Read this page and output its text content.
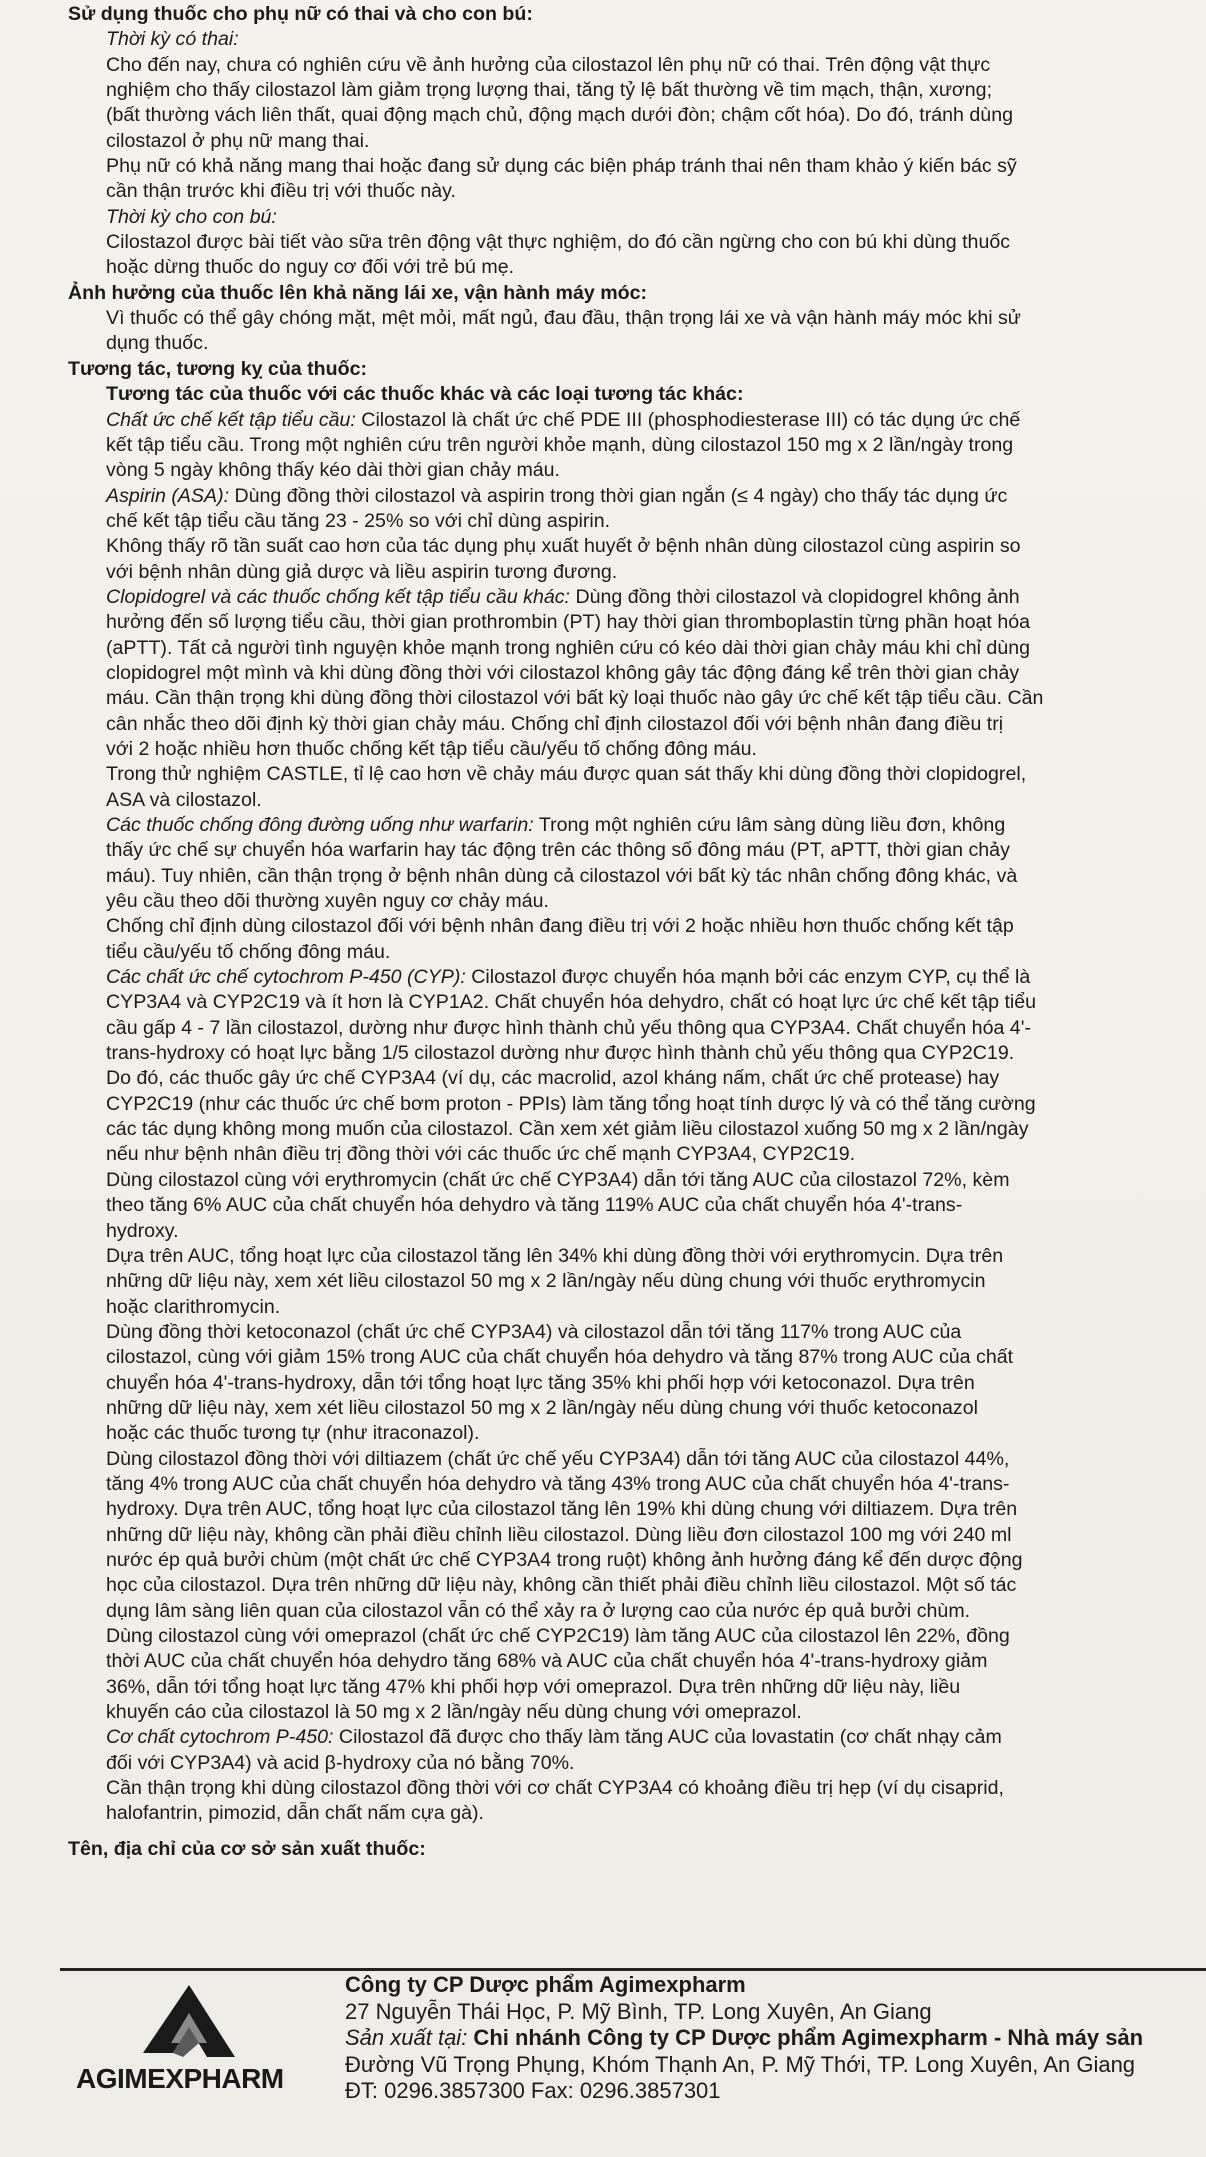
Sử dụng thuốc cho phụ nữ có thai và cho con bú:
Thời kỳ có thai:
Cho đến nay, chưa có nghiên cứu về ảnh hưởng của cilostazol lên phụ nữ có thai. Trên động vật thực
nghiệm cho thấy cilostazol làm giảm trọng lượng thai, tăng tỷ lệ bất thường về tim mạch, thận, xương;
(bất thường vách liên thất, quai động mạch chủ, động mạch dưới đòn; chậm cốt hóa). Do đó, tránh dùng
cilostazol ở phụ nữ mang thai.
Phụ nữ có khả năng mang thai hoặc đang sử dụng các biện pháp tránh thai nên tham khảo ý kiến bác sỹ
cần thận trước khi điều trị với thuốc này.
Thời kỳ cho con bú:
Cilostazol được bài tiết vào sữa trên động vật thực nghiệm, do đó cần ngừng cho con bú khi dùng thuốc
hoặc dừng thuốc do nguy cơ đối với trẻ bú mẹ.
Ảnh hưởng của thuốc lên khả năng lái xe, vận hành máy móc:
Vì thuốc có thể gây chóng mặt, mệt mỏi, mất ngủ, đau đầu, thận trọng lái xe và vận hành máy móc khi sử
dụng thuốc.
Tương tác, tương kỵ của thuốc:
Tương tác của thuốc với các thuốc khác và các loại tương tác khác:
Chất ức chế kết tập tiểu cầu: Cilostazol là chất ức chế PDE III (phosphodiesterase III) có tác dụng ức chế
kết tập tiểu cầu. Trong một nghiên cứu trên người khỏe mạnh, dùng cilostazol 150 mg x 2 lần/ngày trong
vòng 5 ngày không thấy kéo dài thời gian chảy máu.
Aspirin (ASA): Dùng đồng thời cilostazol và aspirin trong thời gian ngắn (≤ 4 ngày) cho thấy tác dụng ức
chế kết tập tiểu cầu tăng 23 - 25% so với chỉ dùng aspirin.
Không thấy rõ tần suất cao hơn của tác dụng phụ xuất huyết ở bệnh nhân dùng cilostazol cùng aspirin so
với bệnh nhân dùng giả dược và liều aspirin tương đương.
Clopidogrel và các thuốc chống kết tập tiểu cầu khác: Dùng đồng thời cilostazol và clopidogrel không ảnh
hưởng đến số lượng tiểu cầu, thời gian prothrombin (PT) hay thời gian thromboplastin từng phần hoạt hóa
(aPTT). Tất cả người tình nguyện khỏe mạnh trong nghiên cứu có kéo dài thời gian chảy máu khi chỉ dùng
clopidogrel một mình và khi dùng đồng thời với cilostazol không gây tác động đáng kể trên thời gian chảy
máu. Cần thận trọng khi dùng đồng thời cilostazol với bất kỳ loại thuốc nào gây ức chế kết tập tiểu cầu. Cần
cân nhắc theo dõi định kỳ thời gian chảy máu. Chống chỉ định cilostazol đối với bệnh nhân đang điều trị
với 2 hoặc nhiều hơn thuốc chống kết tập tiểu cầu/yếu tố chống đông máu.
Trong thử nghiệm CASTLE, tỉ lệ cao hơn về chảy máu được quan sát thấy khi dùng đồng thời clopidogrel,
ASA và cilostazol.
Các thuốc chống đông đường uống như warfarin: Trong một nghiên cứu lâm sàng dùng liều đơn, không
thấy ức chế sự chuyển hóa warfarin hay tác động trên các thông số đông máu (PT, aPTT, thời gian chảy
máu). Tuy nhiên, cần thận trọng ở bệnh nhân dùng cả cilostazol với bất kỳ tác nhân chống đông khác, và
yêu cầu theo dõi thường xuyên nguy cơ chảy máu.
Chống chỉ định dùng cilostazol đối với bệnh nhân đang điều trị với 2 hoặc nhiều hơn thuốc chống kết tập
tiểu cầu/yếu tố chống đông máu.
Các chất ức chế cytochrom P-450 (CYP): Cilostazol được chuyển hóa mạnh bởi các enzym CYP, cụ thể là
CYP3A4 và CYP2C19 và ít hơn là CYP1A2. Chất chuyển hóa dehydro, chất có hoạt lực ức chế kết tập tiểu
cầu gấp 4 - 7 lần cilostazol, dường như được hình thành chủ yếu thông qua CYP3A4. Chất chuyển hóa 4'-
trans-hydroxy có hoạt lực bằng 1/5 cilostazol dường như được hình thành chủ yếu thông qua CYP2C19.
Do đó, các thuốc gây ức chế CYP3A4 (ví dụ, các macrolid, azol kháng nấm, chất ức chế protease) hay
CYP2C19 (như các thuốc ức chế bơm proton - PPIs) làm tăng tổng hoạt tính dược lý và có thể tăng cường
các tác dụng không mong muốn của cilostazol. Cần xem xét giảm liều cilostazol xuống 50 mg x 2 lần/ngày
nếu như bệnh nhân điều trị đồng thời với các thuốc ức chế mạnh CYP3A4, CYP2C19.
Dùng cilostazol cùng với erythromycin (chất ức chế CYP3A4) dẫn tới tăng AUC của cilostazol 72%, kèm
theo tăng 6% AUC của chất chuyển hóa dehydro và tăng 119% AUC của chất chuyển hóa 4'-trans-
hydroxy.
Dựa trên AUC, tổng hoạt lực của cilostazol tăng lên 34% khi dùng đồng thời với erythromycin. Dựa trên
những dữ liệu này, xem xét liều cilostazol 50 mg x 2 lần/ngày nếu dùng chung với thuốc erythromycin
hoặc clarithromycin.
Dùng đồng thời ketoconazol (chất ức chế CYP3A4) và cilostazol dẫn tới tăng 117% trong AUC của
cilostazol, cùng với giảm 15% trong AUC của chất chuyển hóa dehydro và tăng 87% trong AUC của chất
chuyển hóa 4'-trans-hydroxy, dẫn tới tổng hoạt lực tăng 35% khi phối hợp với ketoconazol. Dựa trên
những dữ liệu này, xem xét liều cilostazol 50 mg x 2 lần/ngày nếu dùng chung với thuốc ketoconazol
hoặc các thuốc tương tự (như itraconazol).
Dùng cilostazol đồng thời với diltiazem (chất ức chế yếu CYP3A4) dẫn tới tăng AUC của cilostazol 44%,
tăng 4% trong AUC của chất chuyển hóa dehydro và tăng 43% trong AUC của chất chuyển hóa 4'-trans-
hydroxy. Dựa trên AUC, tổng hoạt lực của cilostazol tăng lên 19% khi dùng chung với diltiazem. Dựa trên
những dữ liệu này, không cần phải điều chỉnh liều cilostazol. Dùng liều đơn cilostazol 100 mg với 240 ml
nước ép quả bưởi chùm (một chất ức chế CYP3A4 trong ruột) không ảnh hưởng đáng kể đến dược động
học của cilostazol. Dựa trên những dữ liệu này, không cần thiết phải điều chỉnh liều cilostazol. Một số tác
dụng lâm sàng liên quan của cilostazol vẫn có thể xảy ra ở lượng cao của nước ép quả bưởi chùm.
Dùng cilostazol cùng với omeprazol (chất ức chế CYP2C19) làm tăng AUC của cilostazol lên 22%, đồng
thời AUC của chất chuyển hóa dehydro tăng 68% và AUC của chất chuyển hóa 4'-trans-hydroxy giảm
36%, dẫn tới tổng hoạt lực tăng 47% khi phối hợp với omeprazol. Dựa trên những dữ liệu này, liều
khuyến cáo của cilostazol là 50 mg x 2 lần/ngày nếu dùng chung với omeprazol.
Cơ chất cytochrom P-450: Cilostazol đã được cho thấy làm tăng AUC của lovastatin (cơ chất nhạy cảm
đối với CYP3A4) và acid β-hydroxy của nó bằng 70%.
Cần thận trọng khi dùng cilostazol đồng thời với cơ chất CYP3A4 có khoảng điều trị hẹp (ví dụ cisaprid,
halofantrin, pimozid, dẫn chất nấm cựa gà).
Tên, địa chỉ của cơ sở sản xuất thuốc:
AGIMEXPHARM
Công ty CP Dược phẩm Agimexpharm
27 Nguyễn Thái Học, P. Mỹ Bình, TP. Long Xuyên, An Giang
Sản xuất tại: Chi nhánh Công ty CP Dược phẩm Agimexpharm - Nhà máy sản
Đường Vũ Trọng Phụng, Khóm Thạnh An, P. Mỹ Thới, TP. Long Xuyên, An Giang
ĐT: 0296.3857300 Fax: 0296.3857301
